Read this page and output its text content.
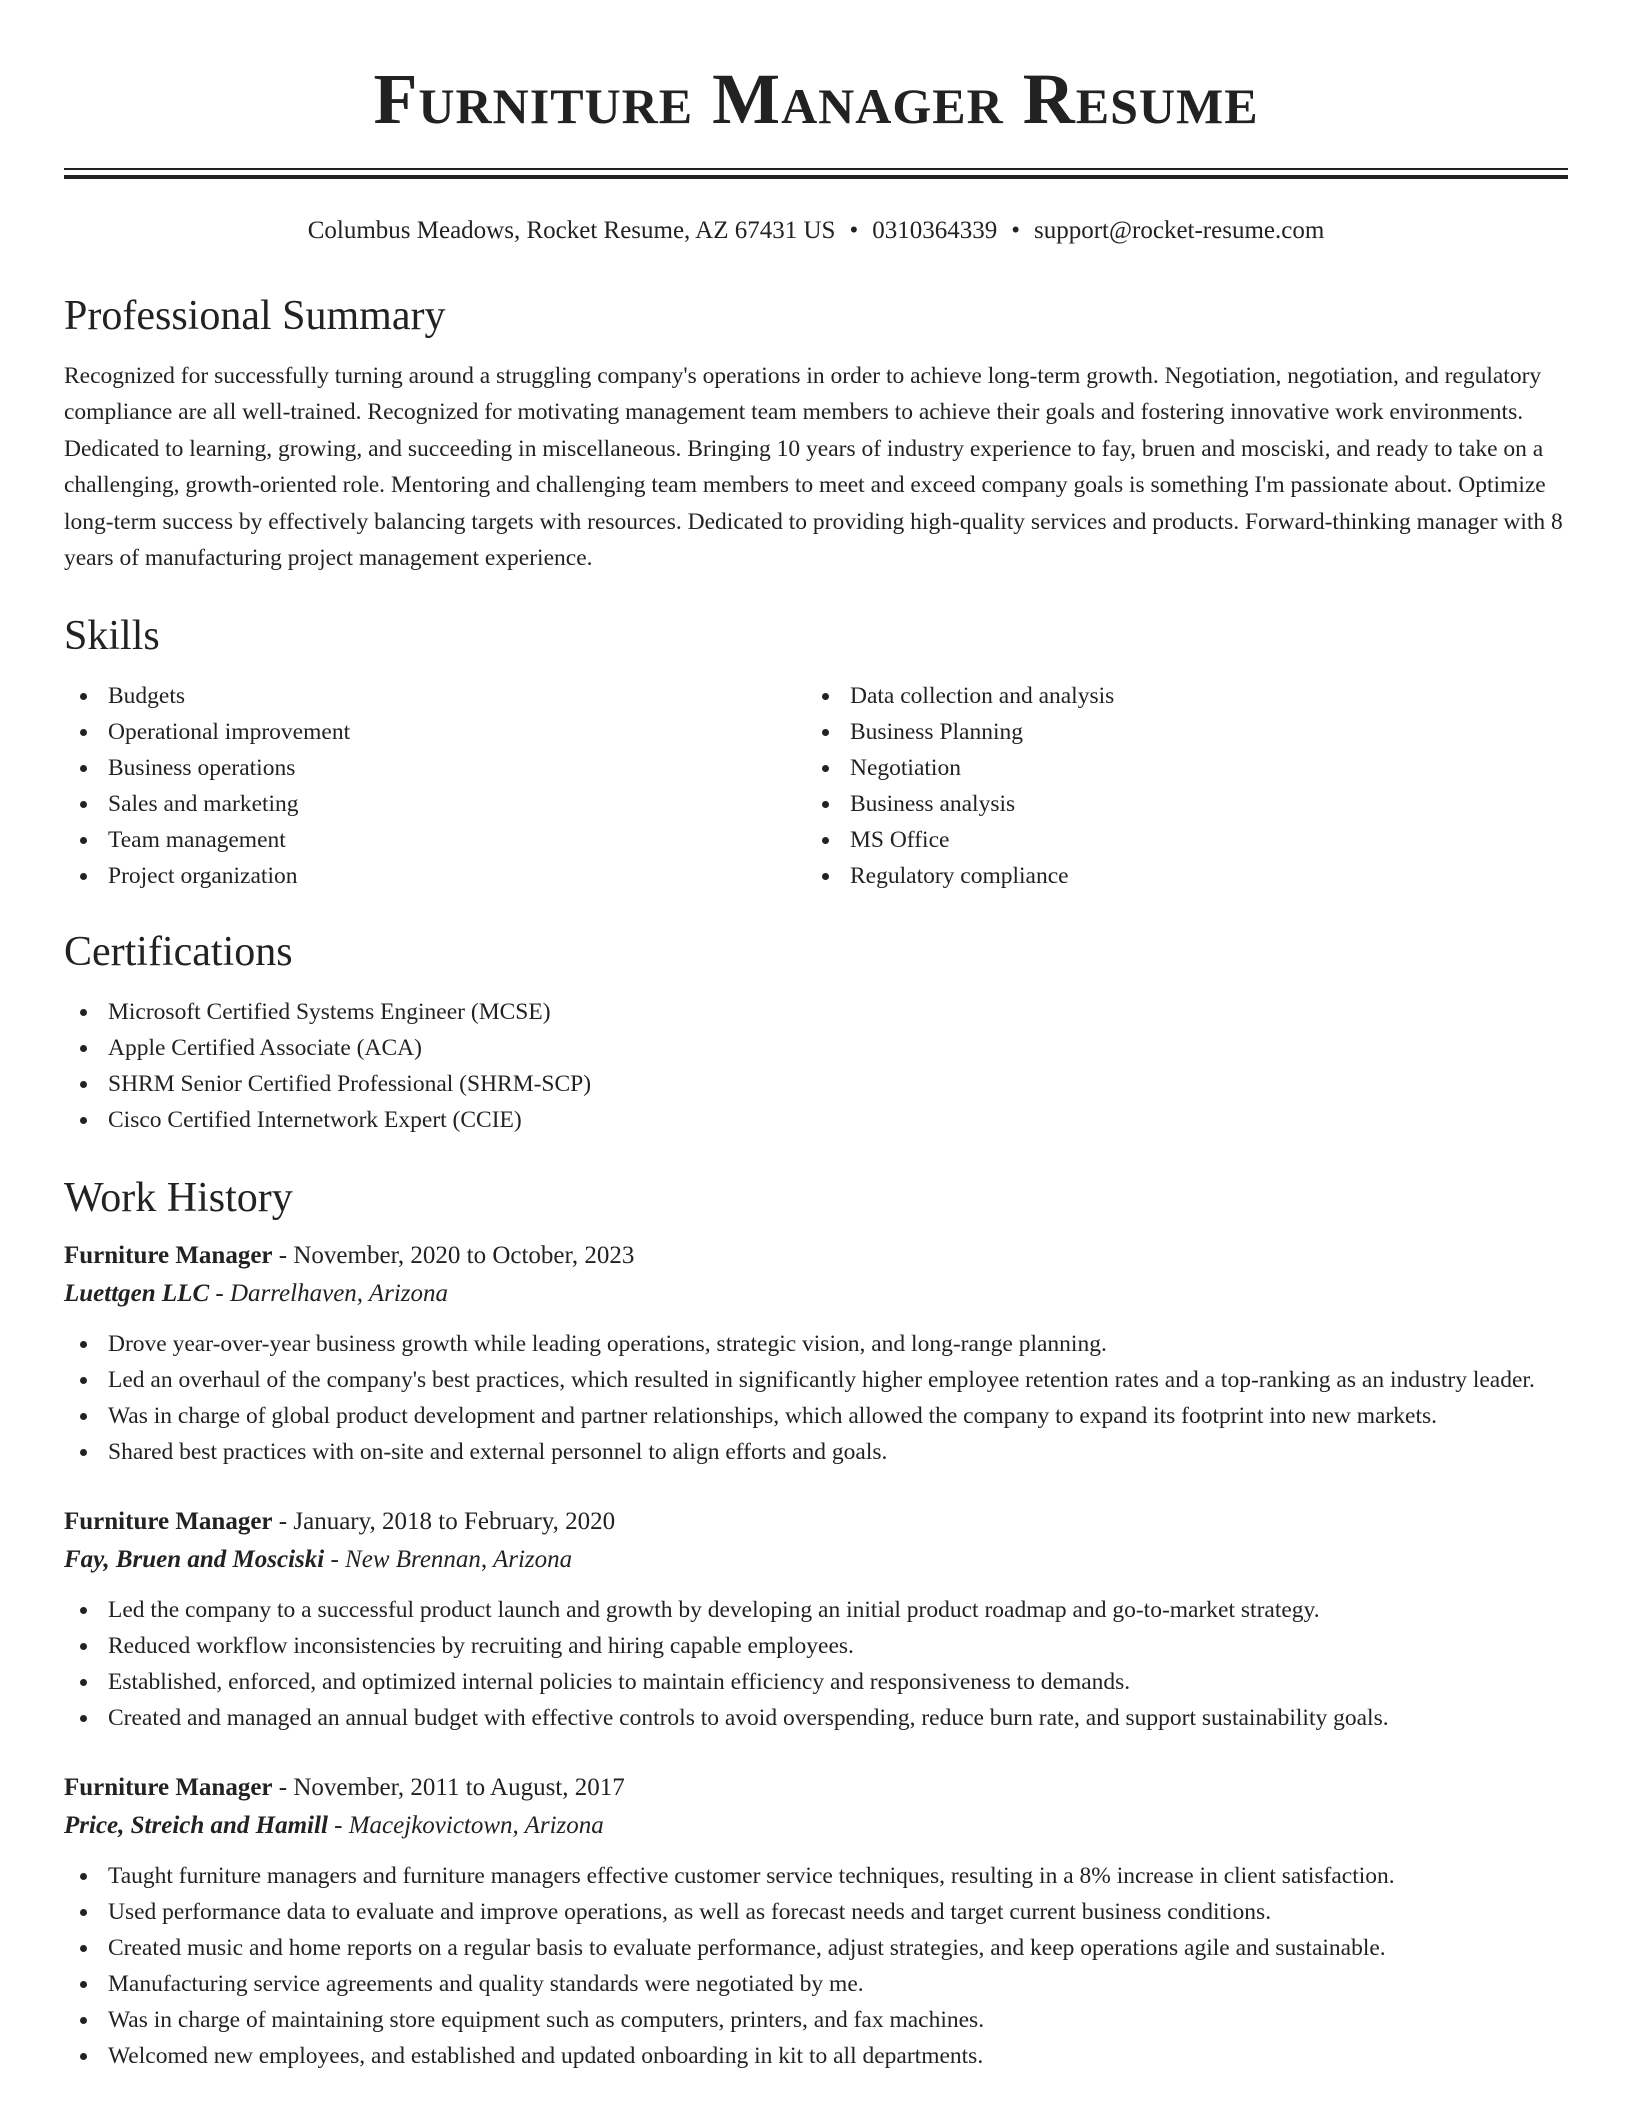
Furniture Manager Resume
Columbus Meadows, Rocket Resume, AZ 67431 US • 0310364339 • support@rocket-resume.com
Professional Summary

Recognized for successfully turning around a struggling company's operations in order to achieve long-term growth. Negotiation, negotiation, and regulatory compliance are all well-trained. Recognized for motivating management team members to achieve their goals and fostering innovative work environments. Dedicated to learning, growing, and succeeding in miscellaneous. Bringing 10 years of industry experience to fay, bruen and mosciski, and ready to take on a challenging, growth-oriented role. Mentoring and challenging team members to meet and exceed company goals is something I'm passionate about. Optimize long-term success by effectively balancing targets with resources. Dedicated to providing high-quality services and products. Forward-thinking manager with 8 years of manufacturing project management experience.

Skills
Budgets
Operational improvement
Business operations
Sales and marketing
Team management
Project organization
Data collection and analysis
Business Planning
Negotiation
Business analysis
MS Office
Regulatory compliance
Certifications
Microsoft Certified Systems Engineer (MCSE)
Apple Certified Associate (ACA)
SHRM Senior Certified Professional (SHRM-SCP)
Cisco Certified Internetwork Expert (CCIE)
Work History
Furniture Manager - November, 2020 to October, 2023
Luettgen LLC - Darrelhaven, Arizona
Drove year-over-year business growth while leading operations, strategic vision, and long-range planning.
Led an overhaul of the company's best practices, which resulted in significantly higher employee retention rates and a top-ranking as an industry leader.
Was in charge of global product development and partner relationships, which allowed the company to expand its footprint into new markets.
Shared best practices with on-site and external personnel to align efforts and goals.
Furniture Manager - January, 2018 to February, 2020
Fay, Bruen and Mosciski - New Brennan, Arizona
Led the company to a successful product launch and growth by developing an initial product roadmap and go-to-market strategy.
Reduced workflow inconsistencies by recruiting and hiring capable employees.
Established, enforced, and optimized internal policies to maintain efficiency and responsiveness to demands.
Created and managed an annual budget with effective controls to avoid overspending, reduce burn rate, and support sustainability goals.
Furniture Manager - November, 2011 to August, 2017
Price, Streich and Hamill - Macejkovictown, Arizona
Taught furniture managers and furniture managers effective customer service techniques, resulting in a 8% increase in client satisfaction.
Used performance data to evaluate and improve operations, as well as forecast needs and target current business conditions.
Created music and home reports on a regular basis to evaluate performance, adjust strategies, and keep operations agile and sustainable.
Manufacturing service agreements and quality standards were negotiated by me.
Was in charge of maintaining store equipment such as computers, printers, and fax machines.
Welcomed new employees, and established and updated onboarding in kit to all departments.
